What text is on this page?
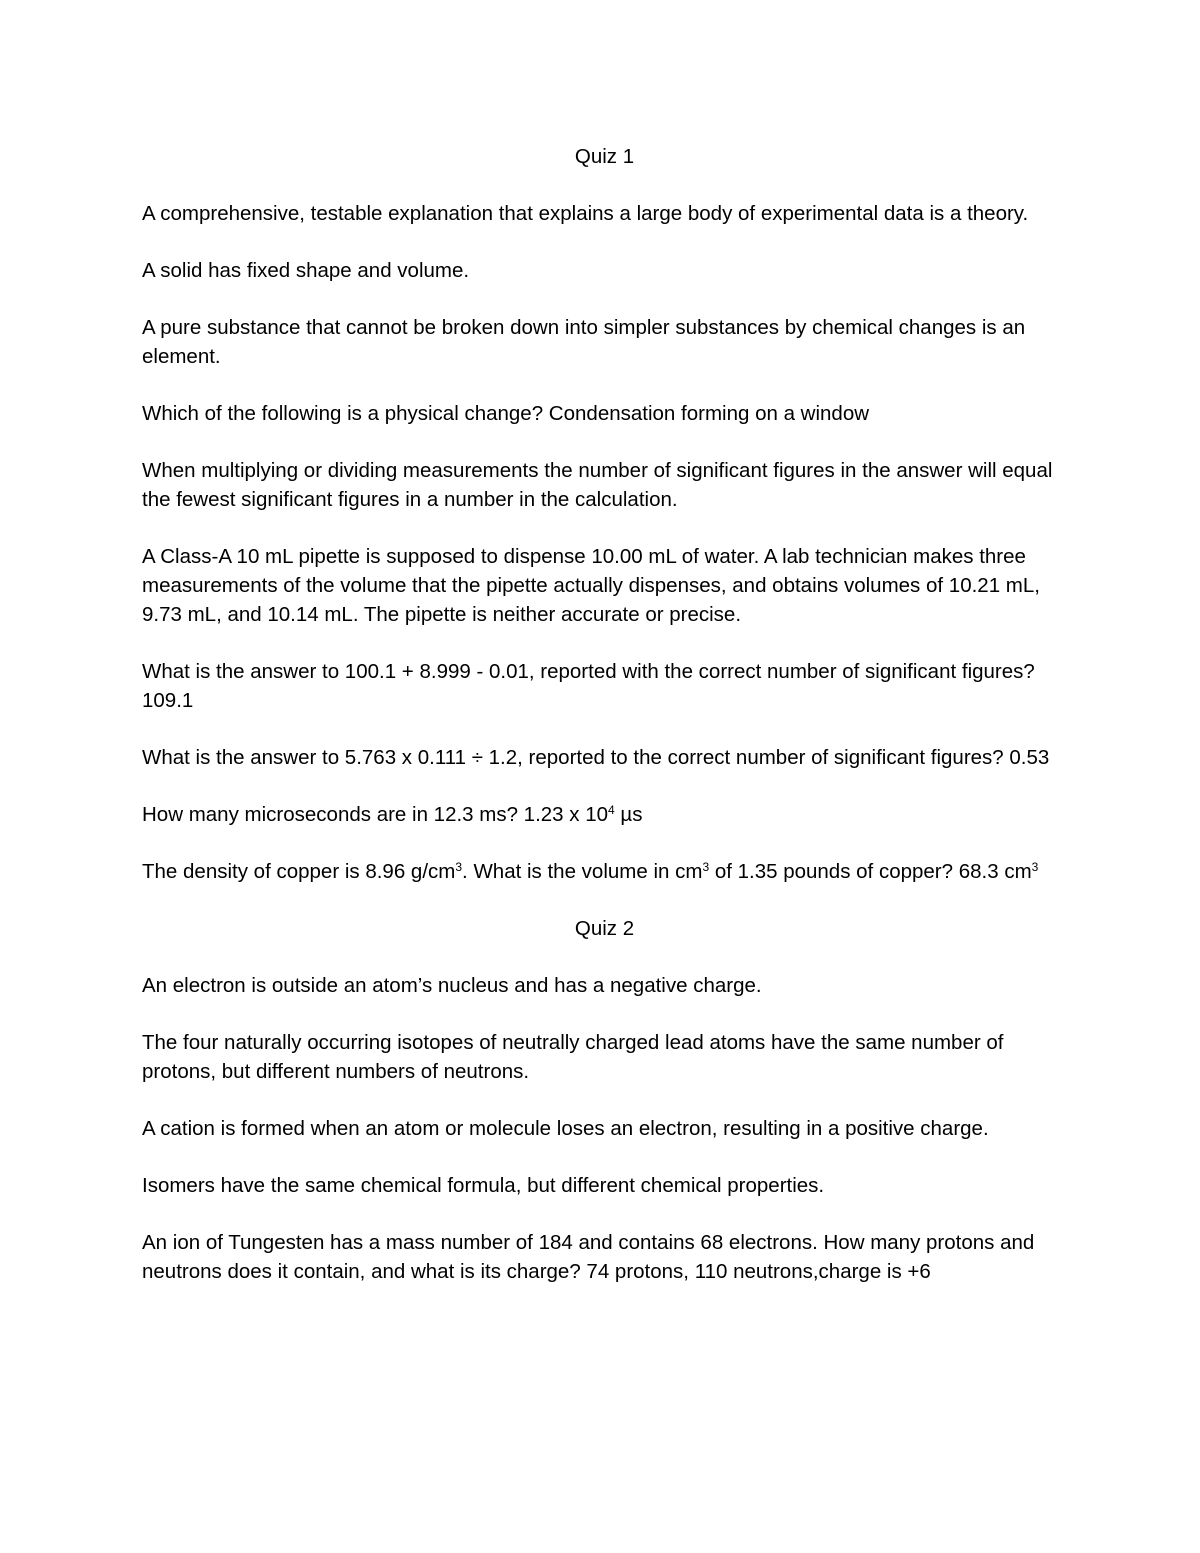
Quiz 1

A comprehensive, testable explanation that explains a large body of experimental data is a theory.

A solid has fixed shape and volume.

A pure substance that cannot be broken down into simpler substances by chemical changes is an element.

Which of the following is a physical change? Condensation forming on a window

When multiplying or dividing measurements the number of significant figures in the answer will equal the fewest significant figures in a number in the calculation.

A Class-A 10 mL pipette is supposed to dispense 10.00 mL of water. A lab technician makes three measurements of the volume that the pipette actually dispenses, and obtains volumes of 10.21 mL, 9.73 mL, and 10.14 mL. The pipette is neither accurate or precise.

What is the answer to 100.1 + 8.999 - 0.01, reported with the correct number of significant figures? 109.1

What is the answer to 5.763 x 0.111 ÷ 1.2, reported to the correct number of significant figures? 0.53

How many microseconds are in 12.3 ms? 1.23 x $10^4$ µs

The density of copper is 8.96 $g/cm^3$. What is the volume in $cm^3$ of 1.35 pounds of copper? 68.3 $cm^3$

Quiz 2

An electron is outside an atom’s nucleus and has a negative charge.

The four naturally occurring isotopes of neutrally charged lead atoms have the same number of protons, but different numbers of neutrons.

A cation is formed when an atom or molecule loses an electron, resulting in a positive charge.

Isomers have the same chemical formula, but different chemical properties.

An ion of Tungesten has a mass number of 184 and contains 68 electrons. How many protons and neutrons does it contain, and what is its charge? 74 protons, 110 neutrons,charge is +6
